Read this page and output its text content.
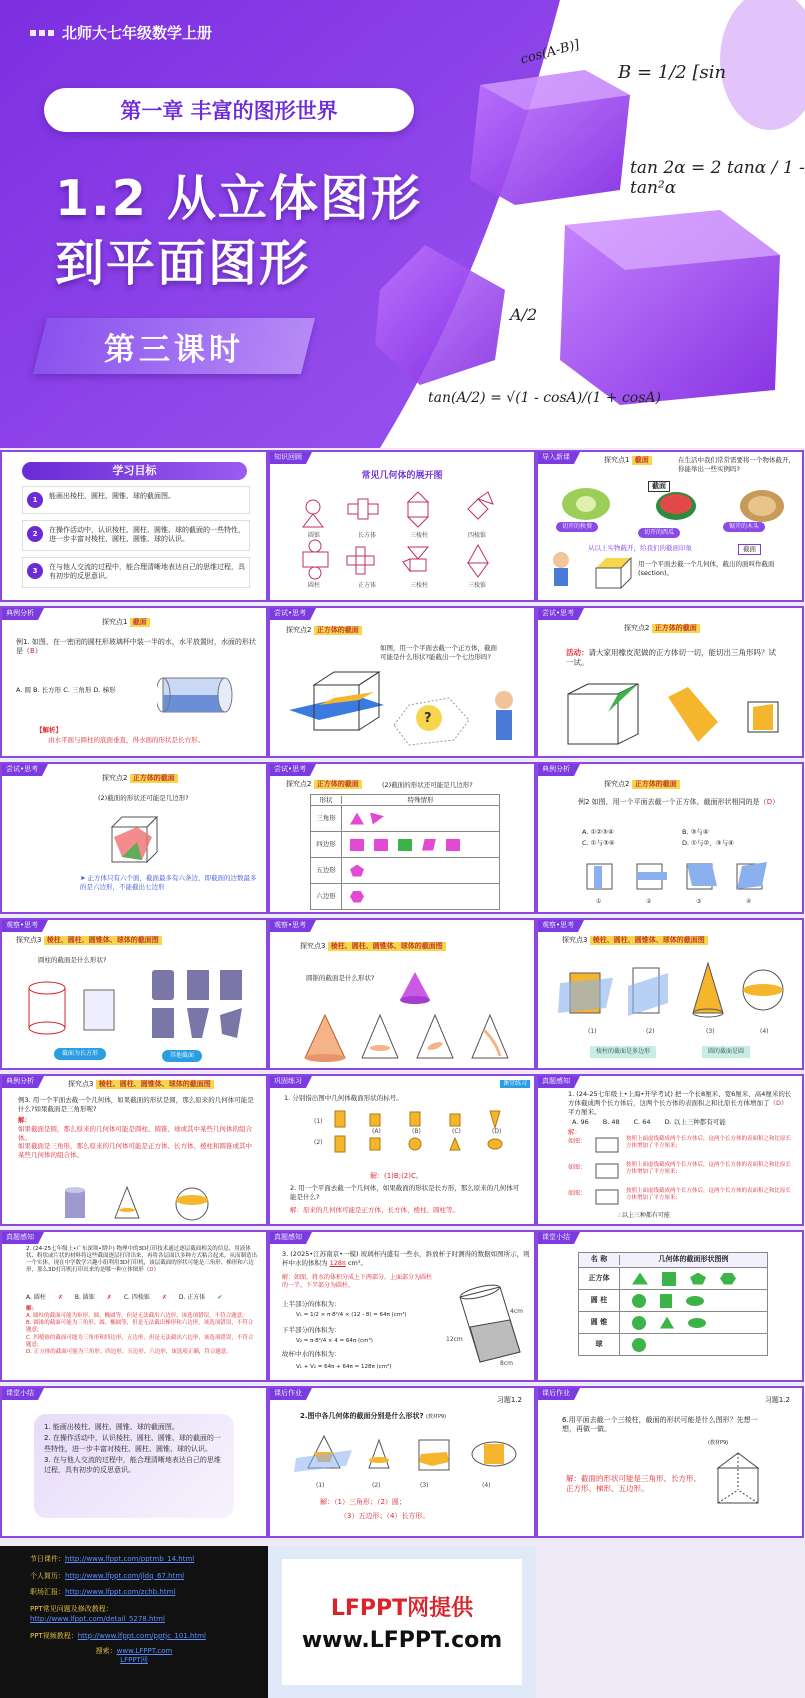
北师大七年级数学上册
第一章 丰富的图形世界
1.2 从立体图形
到平面图形
第三课时
cos(A-B)]
B = 1/2 [sin
tan 2α = 2 tanα / 1 - tan²α
A/2
tan(A/2) = √(1 - cosA)/(1 + cosA)
学习目标
1	能画出棱柱、圆柱、圆锥、球的截面图。
2	在操作活动中，认识棱柱、圆柱、圆锥、球的截面的一些特性，进一步丰富对棱柱、圆柱、圆锥、球的认识。
3	在与他人交流的过程中，能合理清晰地表达自己的思维过程，具有初步的反思意识。
知识回顾
常见几何体的展开图
圆锥	长方体	三棱柱	四棱锥
圆柱	正方体	三棱柱	三棱锥
导入新课	探究点1 截面	在生活中我们常常需要将一个物体截开，你能举出一些实例吗?
截面
切开的秋葵
切开的西瓜
锯开的木头
从以上实物截开，给我们的截面印象	截面
用一个平面去截一个几何体，截出的面叫作截面(section)。
典例分析
探究点1 截面
例1. 如图，在一密闭的圆柱形玻璃杯中装一半的水，水平放置时，水面的形状是（B）
A. 圆 B. 长方形 C. 三角形 D. 梯形
【解析】
由水平面与圆柱的底面垂直，得水面的形状是长方形。
尝试•思考
探究点2 正方体的截面
如图，用一个平面去截一个正方体，截面可能是什么形状?能截出一个七边形吗?
?
尝试•思考
探究点2 正方体的截面
活动：请大家用橡皮泥做的正方体切一切，能切出三角形吗？试一试。
尝试•思考
探究点2 正方体的截面
(2)截面的形状还可能是几边形?
➤ 正方体只有六个面，截面最多有六条边，即截面的边数最多的是六边形，不能截出七边形
尝试•思考
探究点2 正方体的截面	(2)截面的形状还可能是几边形?
形状	特殊情形
三角形
四边形
五边形
六边形
典例分析
探究点2 正方体的截面
例2 如图，用一个平面去截一个正方体，截面形状相同的是（D）
A. ①②③④	B. ③与④
C. ①与③④	D. ①与②、③与④
①	②	③	④
观察•思考
探究点3 棱柱、圆柱、圆锥体、球体的截面图
圆柱的截面是什么形状?
截面为长方形	其他截面
观察•思考
探究点3 棱柱、圆柱、圆锥体、球体的截面图
圆锥的截面是什么形状?
观察•思考
探究点3 棱柱、圆柱、圆锥体、球体的截面图
(1)	(2)	(3)	(4)
棱柱的截面是多边形	圆的截面是圆
典例分析	探究点3 棱柱、圆柱、圆锥体、球体的截面图
例3. 用一个平面去截一个几何体，如果截面的形状是圆，那么原来的几何体可能是什么?如果截面是三角形呢?
解：
如果截面是圆，那么原来的几何体可能是圆柱、圆锥、球或其中某些几何体的组合体。
如果截面是三角形，那么原来的几何体可能是正方体、长方体、棱柱和圆锥或其中某些几何体的组合体。
巩固练习	课堂练习
1. 分别指出图中几何体截面形状的标号。
(1)
(2)
(A)	(B)	(C)	(D)
解：(1)B;(2)C。
2. 用一个平面去截一个几何体，如果截面的形状是长方形，那么原来的几何体可能是什么?
解：原来的几何体可能是正方体、长方体、棱柱、圆柱等。
真题感知
1. (24-25七年级上•上海•开学考试) 把一个长8厘米、宽6厘米、高4厘米的长方体截成两个长方体后，这两个长方体的表面积之和比原长方体增加了（D）平方厘米。
A. 96 B. 48 C. 64 D. 以上三种都有可能
解：
如图：
如图：
如图：
按照上面虚线截成两个长方体后，这两个长方体的表面积之和比原长方体增加了平方厘米;
按照上面虚线截成两个长方体后，这两个长方体的表面积之和比原长方体增加了平方厘米;
按照上面虚线截成两个长方体后，这两个长方体的表面积之和比原长方体增加了平方厘米;
∴以上三种都有可能
真题感知
2. (24-25七年级上•广东深圳•期中) 物理中的3D打印技术通过逐层截面相关的信息，用液体状、粉状或片状的材料将这些截面逐层打印出来，再将各层面以多种方式粘合起来，从而制造出一个实体。现在中学数学兴趣小组利用3D打印机，该层截面的形状可能是三角形、梯形和六边形，那么3D打印机打印出来的是哪一种立体图形（D）
A. 圆柱 ✗ B. 圆锥 ✗ C. 四棱锥 ✗ D. 正方体 ✔
解：
A. 圆柱的截面可能为矩形、圆、椭圆等，但是无法截出六边形，该选项错误，不符合题意;
B. 圆锥的截面可能为三角形、圆、椭圆等，但是无法截出梯形和六边形，该选项错误，不符合题意;
C. 四棱锥的截面可能为三角形和四边形、五边形，但是无法截出六边形，该选项错误，不符合题意;
D. 正方体的截面可能为三角形、四边形、五边形、六边形，该选项正确，符合题意。
真题感知
3. (2025•江苏南京•一模) 玻璃杯内盛有一些水，斜放杯子时测得的数据如图所示，则杯中水的体积为 128π cm³。
解：如图，将水的体积分成上下两部分，上面部分为圆柱的一半，下半部分为圆柱，
上半部分的体积为：
V₁ = 1/2 × π·8²/4 × (12 - 8) = 64π (cm³)
下半部分的体积为：
V₂ = π·8²/4 × 4 = 64π (cm³)
故杯中水的体积为：
V₁ + V₂ = 64π + 64π = 128π (cm³)
4cm
12cm
8cm
课堂小结
名 称	几何体的截面形状图例
正方体
圆 柱
圆 锥
球
课堂小结
1. 能画出棱柱、圆柱、圆锥、球的截面图。
2. 在操作活动中，认识棱柱、圆柱、圆锥、球的截面的一些特性，进一步丰富对棱柱、圆柱、圆锥、球的认识。
3. 在与他人交流的过程中，能合理清晰地表达自己的思维过程，具有初步的反思意识。
课后作业
习题1.2
2.图中各几何体的截面分别是什么形状? (教材P9)
(1)	(2)	(3)	(4)
解：（1）三角形；（2）圆；
（3）五边形；（4）长方形。
课后作业
习题1.2
6.用平面去截一个三棱柱，截面的形状可能是什么图形？先想一想，再做一做。
(教材P9)
解：截面的形状可能是三角形、长方形、正方形、梯形、五边形。
节日课件：http://www.lfppt.com/pptmb_14.html
个人简历：http://www.lfppt.com/jldq_67.html
职场汇报：http://www.lfppt.com/zchb.html
PPT常见问题及修改教程：
http://www.lfppt.com/detail_5278.html
PPT视频教程：http://www.lfppt.com/pptjc_101.html
搜索：www.LFPPT.com
LFPPT网
LFPPT网提供
www.LFPPT.com
